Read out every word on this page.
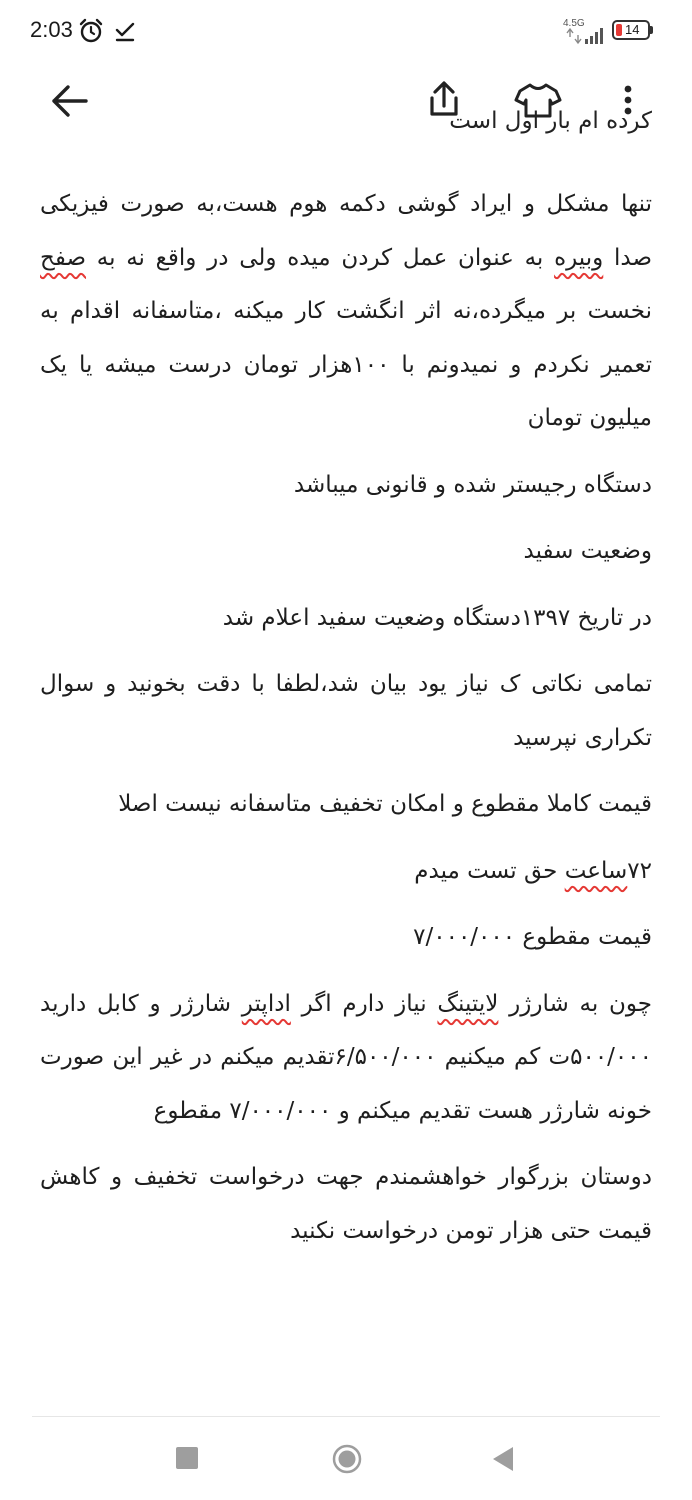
2:03	4.5G	14
کرده ام بار اول است

تنها مشکل و ایراد گوشی دکمه هوم هست،به صورت فیزیکی صدا وبیره به عنوان عمل کردن میده ولی در واقع نه به صفح نخست بر میگرده،نه اثر انگشت کار میکنه ،متاسفانه اقدام به تعمیر نکردم و نمیدونم با ۱۰۰هزار تومان درست میشه یا یک میلیون تومان

دستگاه رجیستر شده و قانونی میباشد

وضعیت سفید

در تاریخ ۱۳۹۷دستگاه وضعیت سفید اعلام شد

تمامی نکاتی ک نیاز یود بیان شد،لطفا با دقت بخونید و سوال تکراری نپرسید

قیمت کاملا مقطوع و امکان تخفیف متاسفانه نیست اصلا

۷۲ساعت حق تست میدم

قیمت مقطوع ۷/۰۰۰/۰۰۰

چون به شارژر لایتینگ نیاز دارم اگر اداپتر شارژر و کابل دارید ۵۰۰/۰۰۰ت کم میکنیم ۶/۵۰۰/۰۰۰تقدیم میکنم در غیر این صورت خونه شارژر هست تقدیم میکنم و ۷/۰۰۰/۰۰۰ مقطوع

دوستان بزرگوار خواهشمندم جهت درخواست تخفیف و کاهش قیمت حتی هزار تومن درخواست نکنید
